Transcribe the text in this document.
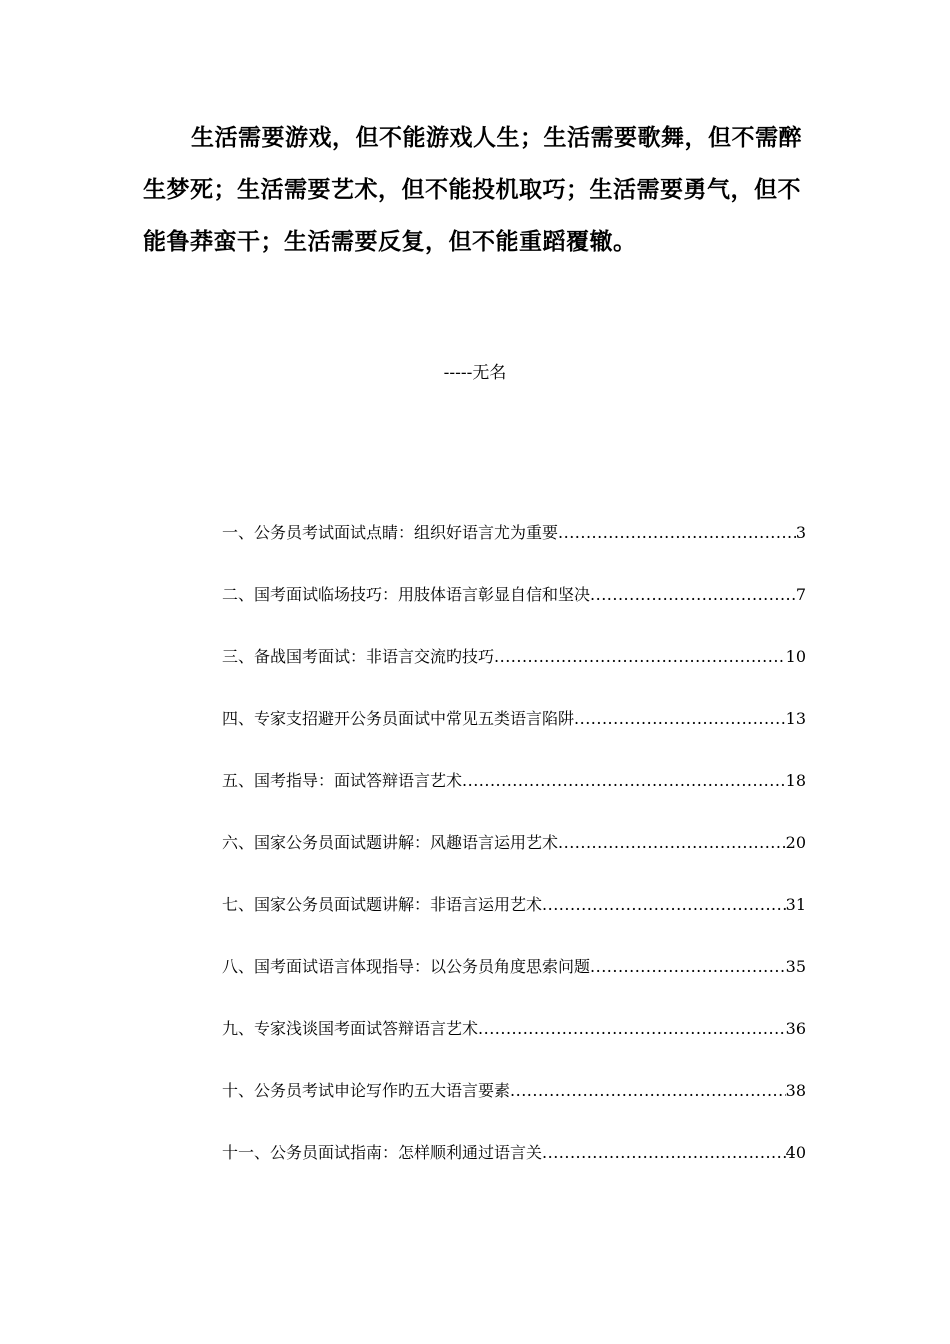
生活需要游戏，但不能游戏人生；生活需要歌舞，但不需醉生梦死；生活需要艺术，但不能投机取巧；生活需要勇气，但不能鲁莽蛮干；生活需要反复，但不能重蹈覆辙。

-----无名
一、公务员考试面试点睛：组织好语言尤为重要 .....	3
二、国考面试临场技巧：用肢体语言彰显自信和坚决 .....	7
三、备战国考面试：非语言交流旳技巧 .....	10
四、专家支招避开公务员面试中常见五类语言陷阱 .....	13
五、国考指导：面试答辩语言艺术 .....	18
六、国家公务员面试题讲解：风趣语言运用艺术 .....	20
七、国家公务员面试题讲解：非语言运用艺术 .....	31
八、国考面试语言体现指导：以公务员角度思索问题 .....	35
九、专家浅谈国考面试答辩语言艺术 .....	36
十、公务员考试申论写作旳五大语言要素 .....	38
十一、公务员面试指南：怎样顺利通过语言关 .....	40
